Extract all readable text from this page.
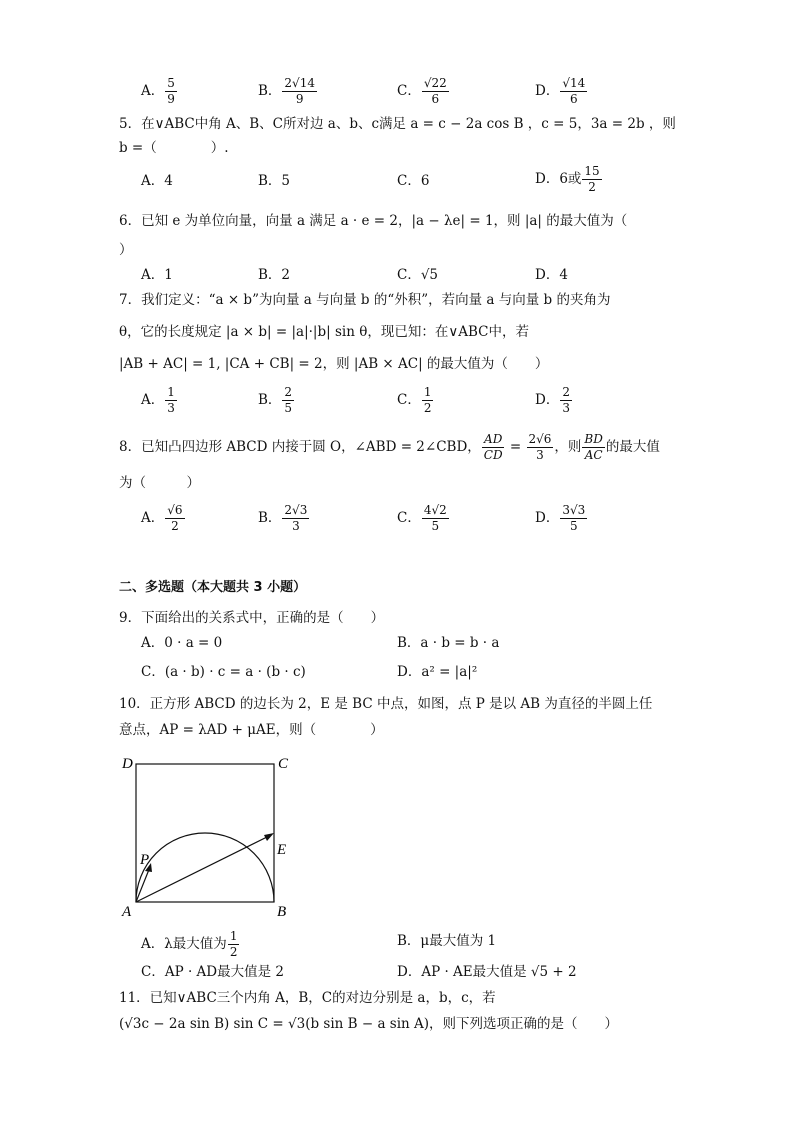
A． $\frac{5}{9}$	B． $\frac{2√14}{9}$	C． $\frac{√22}{6}$	D． $\frac{√14}{6}$
5．在∨ABC中角 A、B、C所对边 a、b、c满足 a = c − 2a cos B ，c = 5，3a = 2b ，则
b =（　　　　）.
A．4	B．5	C．6	D．6或 $\frac{15}{2}$
6．已知 e 为单位向量，向量 a 满足 a · e = 2，|a − λe| = 1，则 |a| 的最大值为（
）
A．1	B．2	C．√5	D．4
7．我们定义：“a × b”为向量 a 与向量 b 的“外积”，若向量 a 与向量 b 的夹角为
θ，它的长度规定 |a × b| = |a|·|b| sin θ，现已知：在∨ABC中，若
|AB + AC| = 1, |CA + CB| = 2，则 |AB × AC| 的最大值为（　　）
A． $\frac{1}{3}$	B． $\frac{2}{5}$	C． $\frac{1}{2}$	D． $\frac{2}{3}$
8．已知凸四边形 ABCD 内接于圆 O，∠ABD = 2∠CBD， $\frac{AD}{CD} = \frac{2√6}{3}$ ，则 $\frac{BD}{AC}$ 的最大值
为（　　　）
A． $\frac{√6}{2}$	B． $\frac{2√3}{3}$	C． $\frac{4√2}{5}$	D． $\frac{3√3}{5}$
二、多选题（本大题共 3 小题）
9．下面给出的关系式中，正确的是（　　）
A．0 · a = 0	B．a · b = b · a
C．(a · b) · c = a · (b · c)	D．a² = |a|²
10．正方形 ABCD 的边长为 2，E 是 BC 中点，如图，点 P 是以 AB 为直径的半圆上任
意点，AP = λAD + μAE，则（　　　　）
D	C
E
P
A	B
A．λ最大值为 $\frac{1}{2}$	B．μ最大值为 1
C．AP · AD最大值是 2	D．AP · AE最大值是 √5 + 2
11．已知∨ABC三个内角 A，B，C的对边分别是 a，b，c，若
(√3c − 2a sin B) sin C = √3(b sin B − a sin A)，则下列选项正确的是（　　）
